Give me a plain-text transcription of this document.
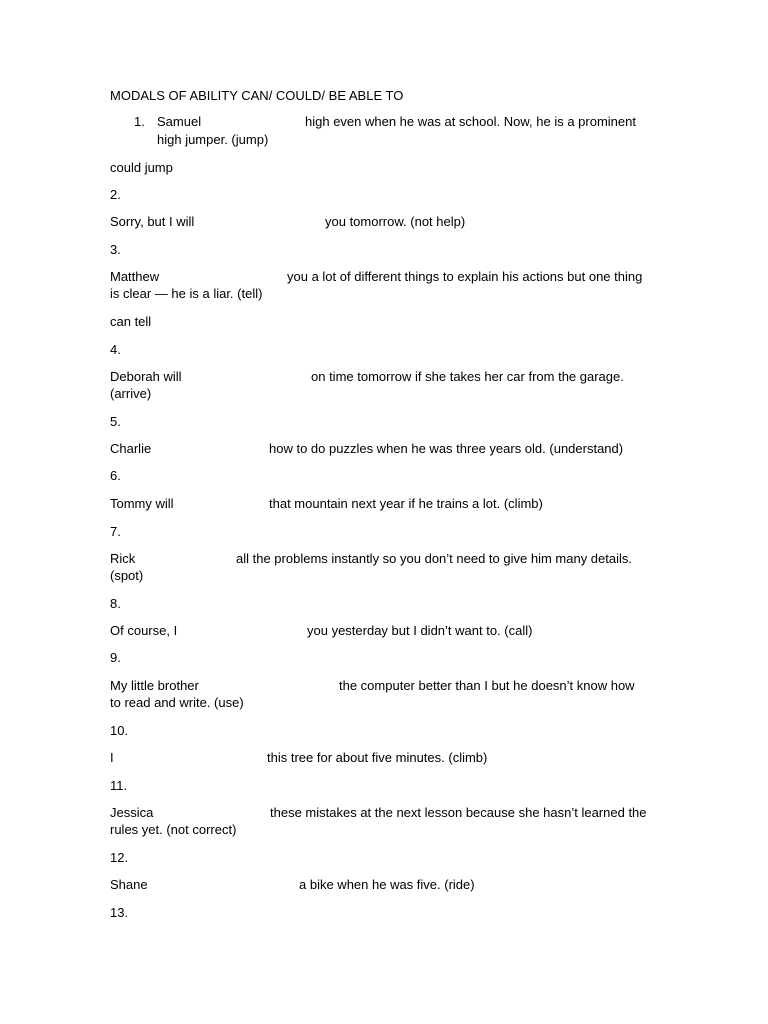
MODALS OF ABILITY CAN/ COULD/ BE ABLE TO
1. Samuel	high even when he was at school. Now, he is a prominent
high jumper. (jump)
could jump
2.
Sorry, but I will	you tomorrow. (not help)
3.
Matthew	you a lot of different things to explain his actions but one thing
is clear — he is a liar. (tell)
can tell
4.
Deborah will	on time tomorrow if she takes her car from the garage.
(arrive)
5.
Charlie	how to do puzzles when he was three years old. (understand)
6.
Tommy will	that mountain next year if he trains a lot. (climb)
7.
Rick	all the problems instantly so you don’t need to give him many details.
(spot)
8.
Of course, I	you yesterday but I didn’t want to. (call)
9.
My little brother	the computer better than I but he doesn’t know how
to read and write. (use)
10.
I	this tree for about five minutes. (climb)
11.
Jessica	these mistakes at the next lesson because she hasn’t learned the
rules yet. (not correct)
12.
Shane	a bike when he was five. (ride)
13.
